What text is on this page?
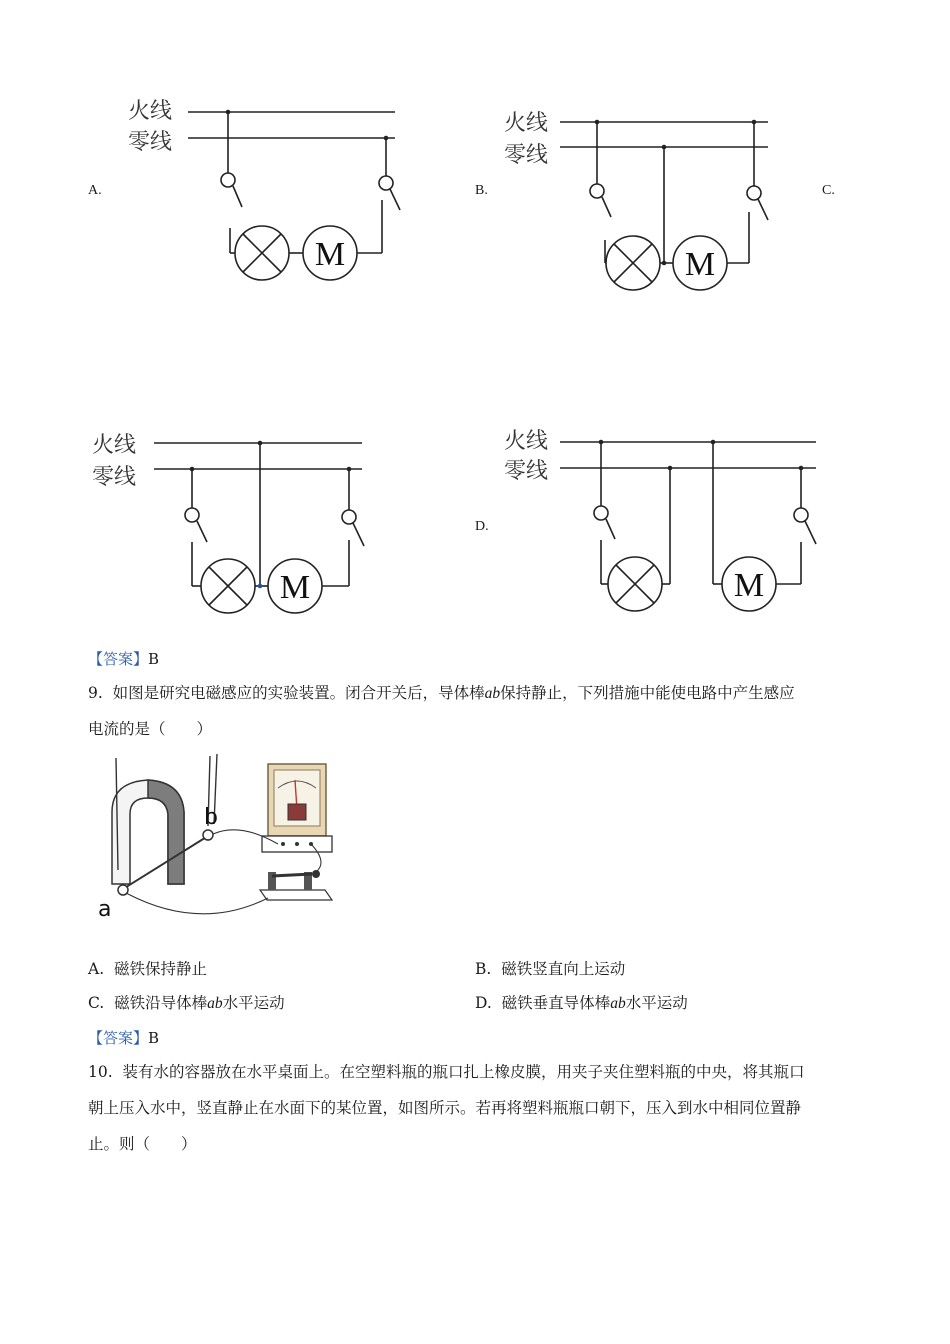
火线
零线
M
A.
火线
零线
M
B.	C.
火线
零线
M
火线
零线
M
D.
【答案】B
9. 如图是研究电磁感应的实验装置。闭合开关后，导体棒ab保持静止，下列措施中能使电路中产生感应
电流的是（　　）
a
b
A. 磁铁保持静止	B. 磁铁竖直向上运动
C. 磁铁沿导体棒ab水平运动	D. 磁铁垂直导体棒ab水平运动
【答案】B
10. 装有水的容器放在水平桌面上。在空塑料瓶的瓶口扎上橡皮膜，用夹子夹住塑料瓶的中央，将其瓶口
朝上压入水中，竖直静止在水面下的某位置，如图所示。若再将塑料瓶瓶口朝下，压入到水中相同位置静
止。则（　　）
